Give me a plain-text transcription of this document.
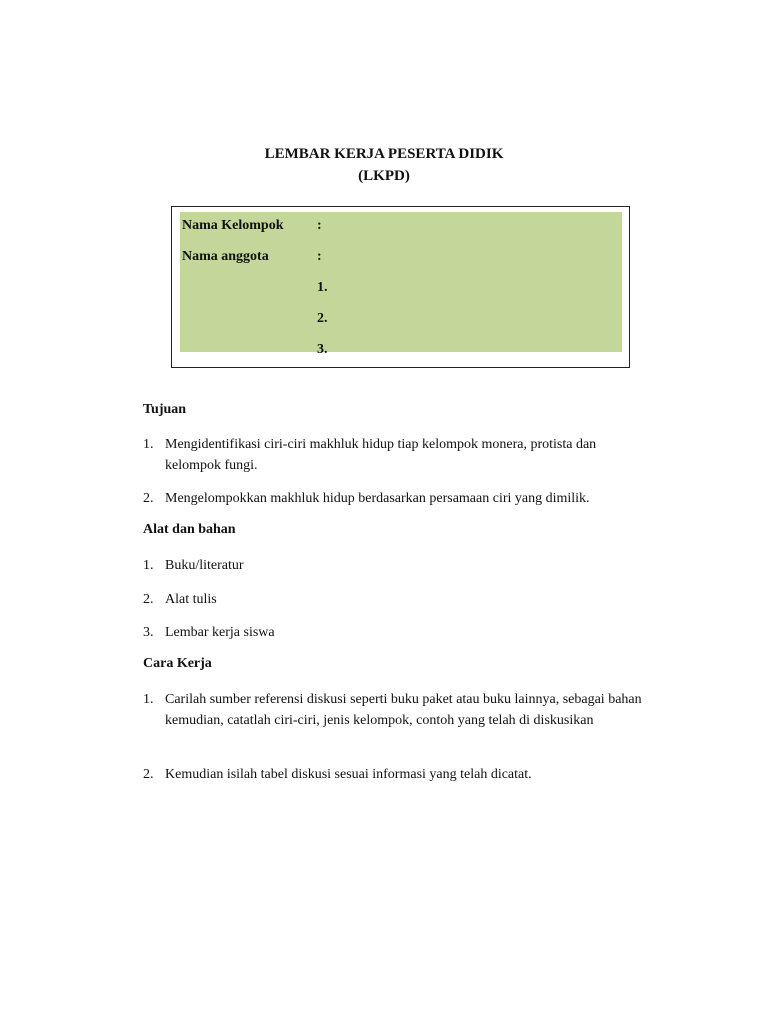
LEMBAR KERJA PESERTA DIDIK
(LKPD)
Nama Kelompok :
Nama anggota	:
1.
2.
3.
Tujuan
1. Mengidentifikasi ciri-ciri makhluk hidup tiap kelompok monera, protista dan kelompok fungi.
2. Mengelompokkan makhluk hidup berdasarkan persamaan ciri yang dimilik.
Alat dan bahan
1. Buku/literatur
2. Alat tulis
3. Lembar kerja siswa
Cara Kerja
1. Carilah sumber referensi diskusi seperti buku paket atau buku lainnya, sebagai bahan kemudian, catatlah ciri-ciri, jenis kelompok, contoh yang telah di diskusikan
2. Kemudian isilah tabel diskusi sesuai informasi yang telah dicatat.
